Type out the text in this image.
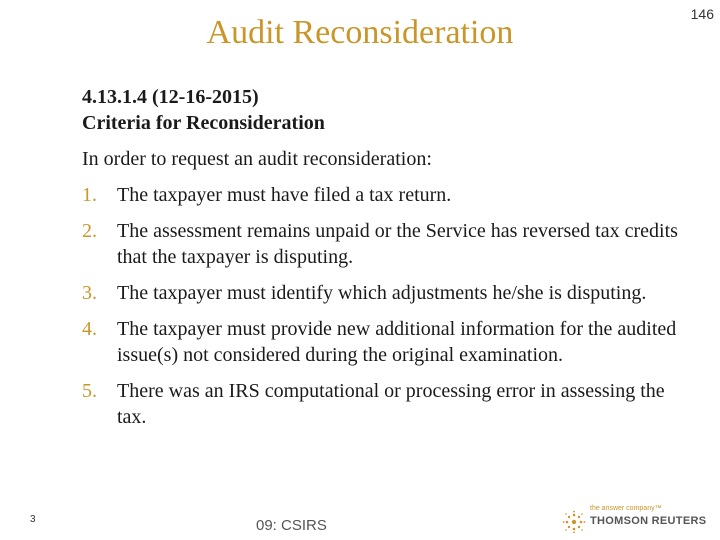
146
Audit Reconsideration

4.13.1.4 (12-16-2015)
Criteria for Reconsideration

In order to request an audit reconsideration:

1.	The taxpayer must have filed a tax return.
2.	The assessment remains unpaid or the Service has reversed tax credits that the taxpayer is disputing.
3.	The taxpayer must identify which adjustments he/she is disputing.
4.	The taxpayer must provide new additional information for the audited issue(s) not considered during the original examination.
5.	There was an IRS computational or processing error in assessing the tax.
3	09: CSIRS
the answer company™
THOMSON REUTERS
